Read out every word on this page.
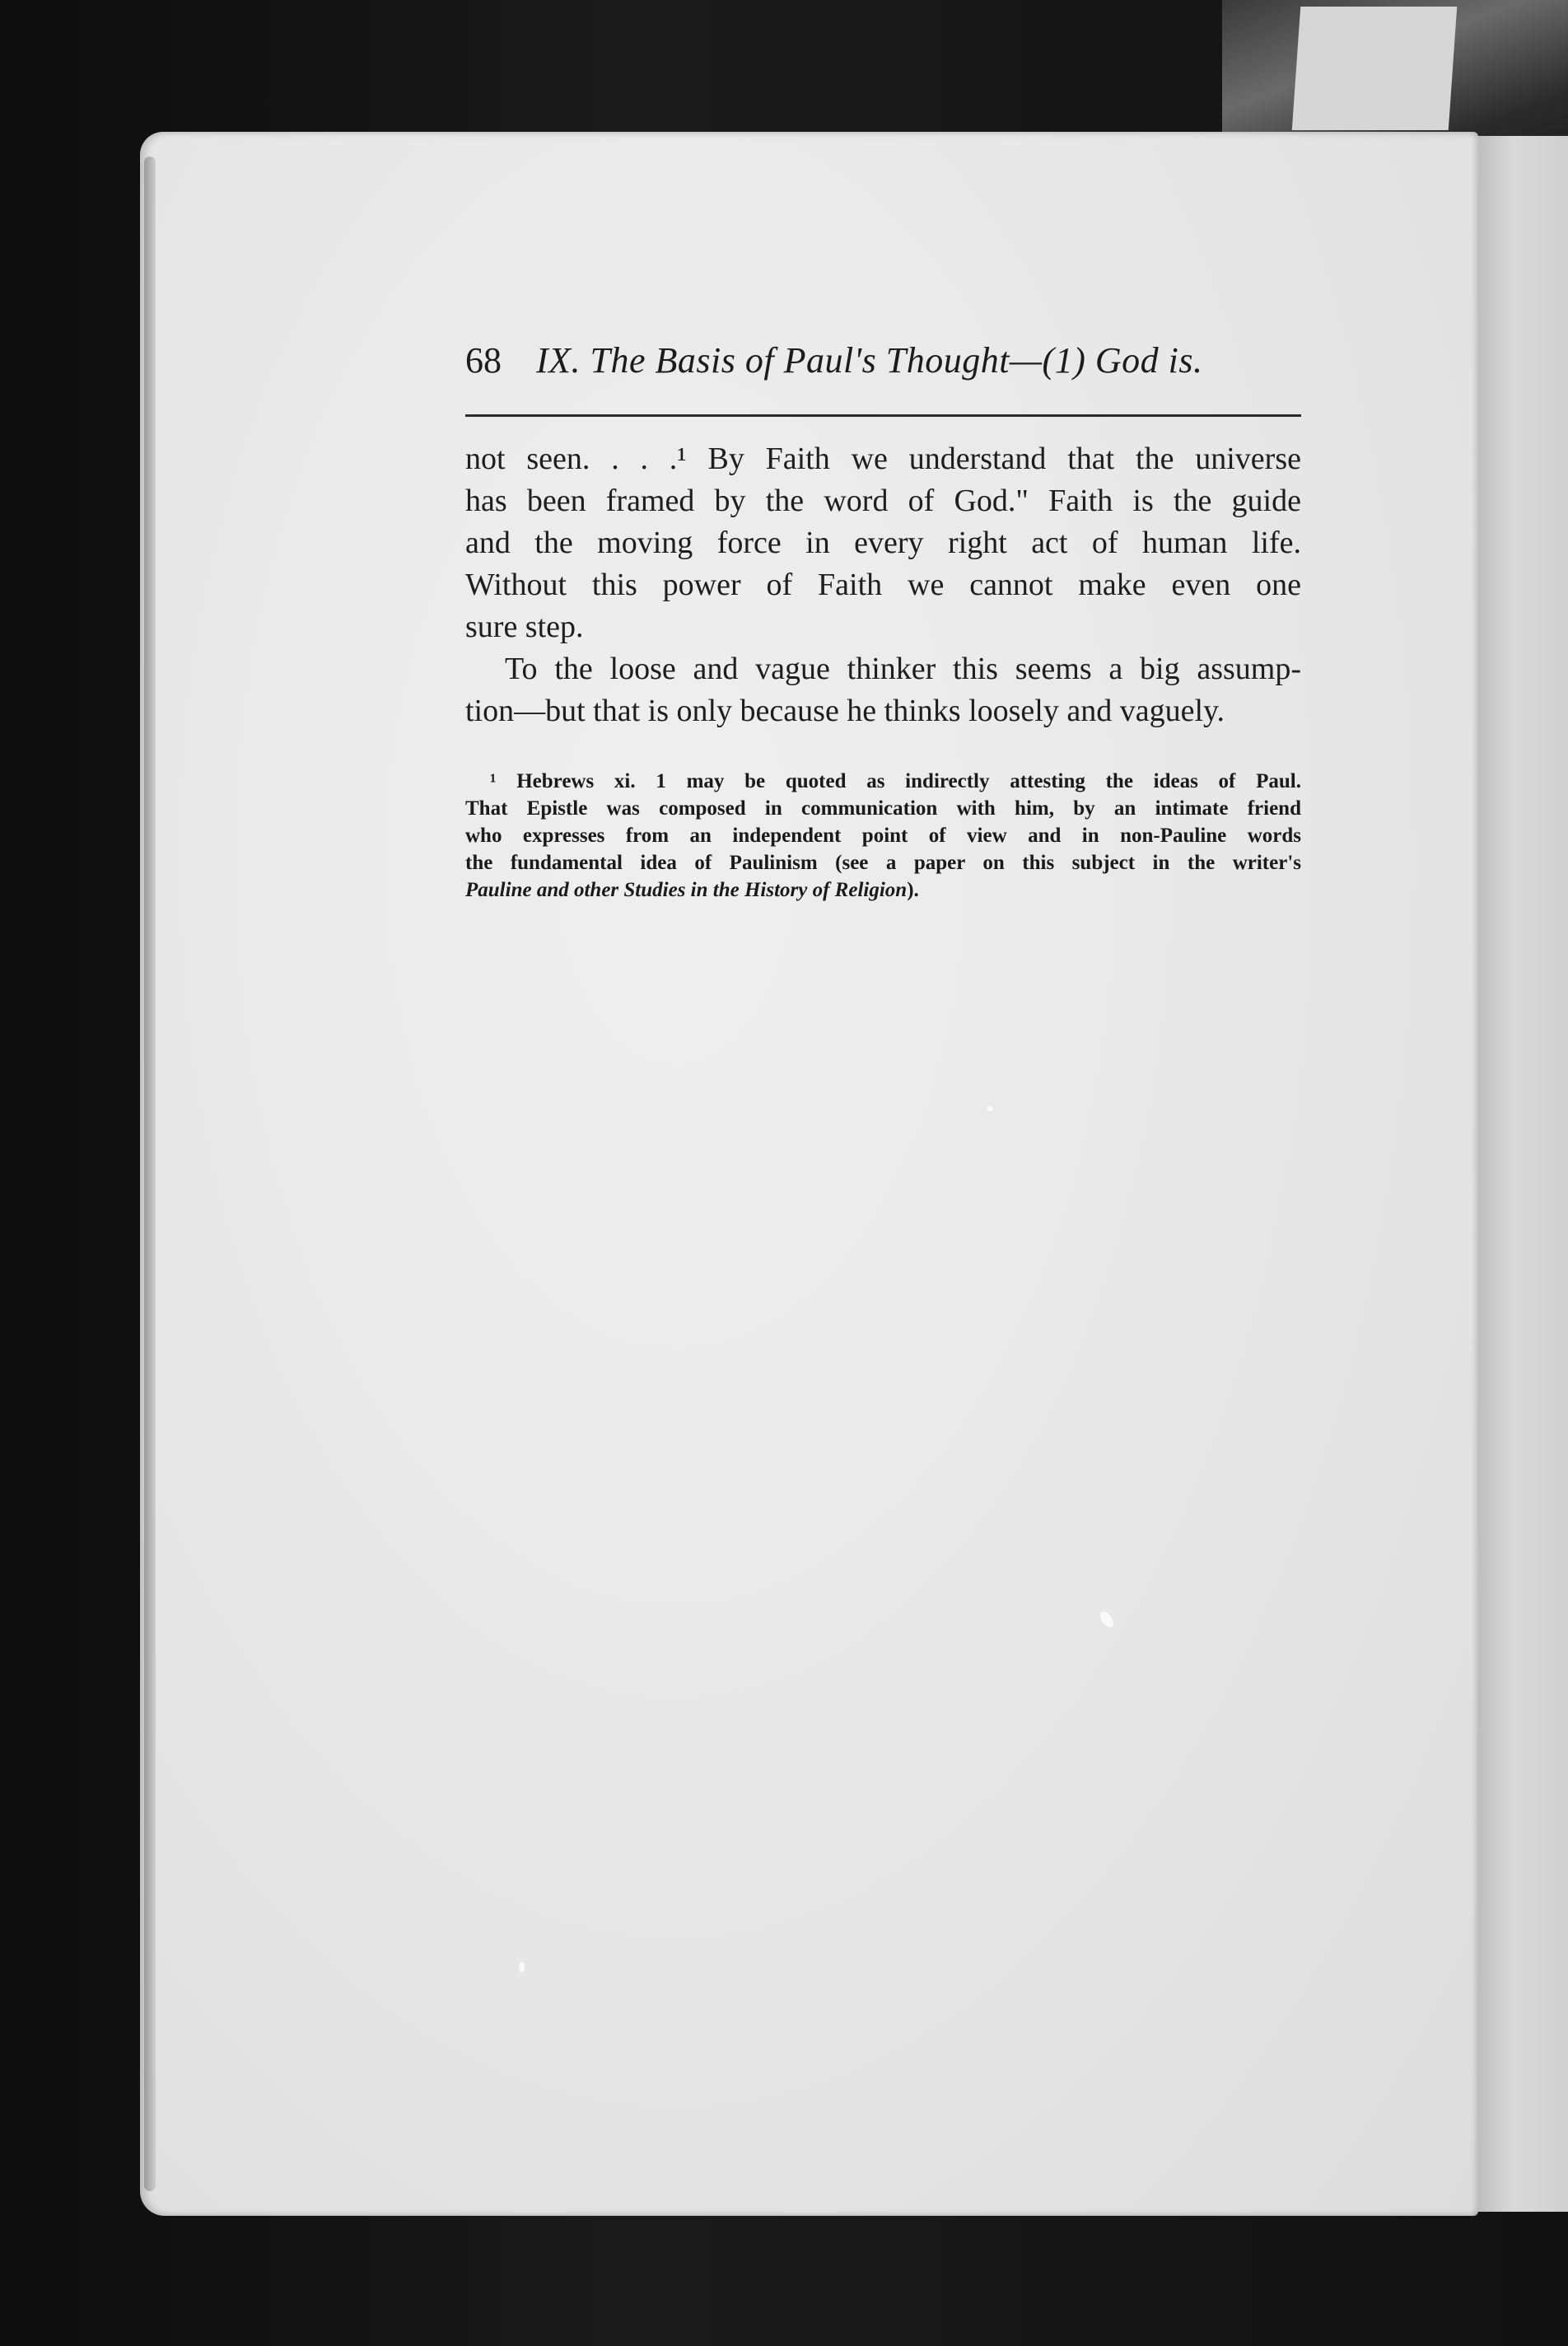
68 IX. The Basis of Paul's Thought—(1) God is.
not seen. . . .¹ By Faith we understand that the universe
has been framed by the word of God." Faith is the guide
and the moving force in every right act of human life.
Without this power of Faith we cannot make even one
sure step.
To the loose and vague thinker this seems a big assump-
tion—but that is only because he thinks loosely and vaguely.
¹ Hebrews xi. 1 may be quoted as indirectly attesting the ideas of Paul.
That Epistle was composed in communication with him, by an intimate friend
who expresses from an independent point of view and in non-Pauline words
the fundamental idea of Paulinism (see a paper on this subject in the writer's
Pauline and other Studies in the History of Religion).
